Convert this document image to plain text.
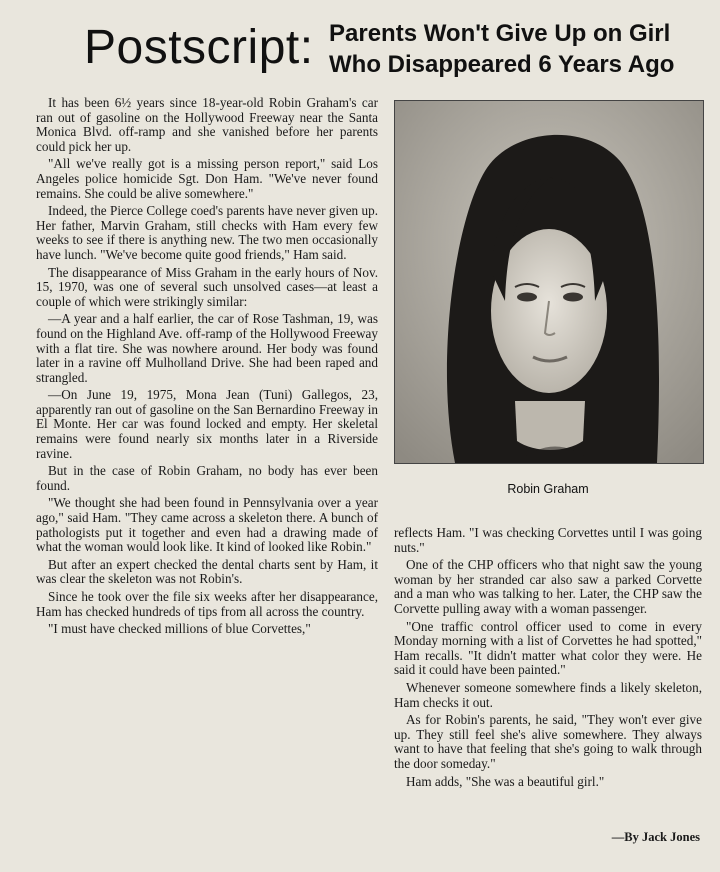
Postscript: Parents Won't Give Up on Girl
Who Disappeared 6 Years Ago

It has been 6½ years since 18-year-old Robin Graham's car ran out of gasoline on the Hollywood Freeway near the Santa Monica Blvd. off-ramp and she vanished before her parents could pick her up.

"All we've really got is a missing person report," said Los Angeles police homicide Sgt. Don Ham. "We've never found remains. She could be alive somewhere."

Indeed, the Pierce College coed's parents have never given up. Her father, Marvin Graham, still checks with Ham every few weeks to see if there is anything new. The two men occasionally have lunch. "We've become quite good friends," Ham said.

The disappearance of Miss Graham in the early hours of Nov. 15, 1970, was one of several such unsolved cases—at least a couple of which were strikingly similar:

—A year and a half earlier, the car of Rose Tashman, 19, was found on the Highland Ave. off-ramp of the Hollywood Freeway with a flat tire. She was nowhere around. Her body was found later in a ravine off Mulholland Drive. She had been raped and strangled.

—On June 19, 1975, Mona Jean (Tuni) Gallegos, 23, apparently ran out of gasoline on the San Bernardino Freeway in El Monte. Her car was found locked and empty. Her skeletal remains were found nearly six months later in a Riverside ravine.

But in the case of Robin Graham, no body has ever been found.

"We thought she had been found in Pennsylvania over a year ago," said Ham. "They came across a skeleton there. A bunch of pathologists put it together and even had a drawing made of what the woman would look like. It kind of looked like Robin."

But after an expert checked the dental charts sent by Ham, it was clear the skeleton was not Robin's.

Since he took over the file six weeks after her disappearance, Ham has checked hundreds of tips from all across the country.

"I must have checked millions of blue Corvettes,"

Robin Graham

reflects Ham. "I was checking Corvettes until I was going nuts."

One of the CHP officers who that night saw the young woman by her stranded car also saw a parked Corvette and a man who was talking to her. Later, the CHP saw the Corvette pulling away with a woman passenger.

"One traffic control officer used to come in every Monday morning with a list of Corvettes he had spotted," Ham recalls. "It didn't matter what color they were. He said it could have been painted."

Whenever someone somewhere finds a likely skeleton, Ham checks it out.

As for Robin's parents, he said, "They won't ever give up. They still feel she's alive somewhere. They always want to have that feeling that she's going to walk through the door someday."

Ham adds, "She was a beautiful girl."

—By Jack Jones
